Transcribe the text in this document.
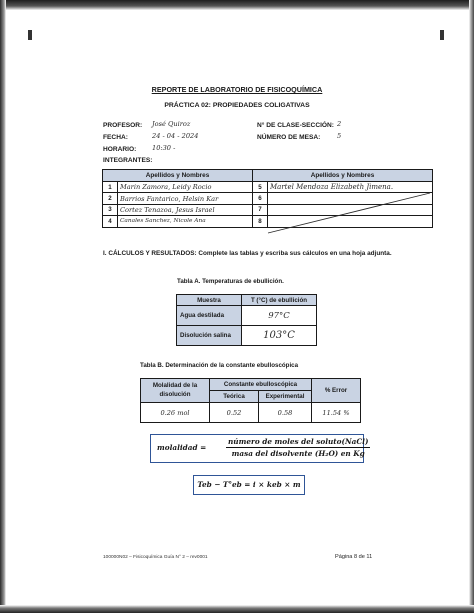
REPORTE DE LABORATORIO DE FISICOQUÍMICA
PRÁCTICA 02: PROPIEDADES COLIGATIVAS
PROFESOR: José Quiroz
FECHA:	24 - 04 - 2024
HORARIO: 10:30 -
INTEGRANTES:
N° DE CLASE-SECCIÓN: 2
NÚMERO DE MESA:	5
Apellidos y Nombres		Apellidos y Nombres	
1	Marin Zamora, Leidy Rocio	5	Martel Mendoza Elizabeth Jimena.
2	Barrios Fantarico, Helsin Kar	6	
3	Cortez Tenazoa, Jesus Israel	7	
4	Canales Sanchez, Nicole Ana	8	
I. CÁLCULOS Y RESULTADOS: Complete las tablas y escriba sus cálculos en una hoja adjunta.
Tabla A. Temperaturas de ebullición.
Muestra	T (°C) de ebullición
Agua destilada	97°C
Disolución salina	103°C
Tabla B. Determinación de la constante ebulloscópica
Molalidad de la disolución	Constante ebulloscópica		% Error
	Teórica	Experimental	
0.26 mol	0.52	0.58	11.54 %
molalidad =
número de moles del soluto(NaCl)
masa del disolvente (H₂O) en Kg
Teb − T°eb = i × keb × m
100000N02 – Fisicoquímica Guía N° 2 – rev0001	Página 8 de 11
